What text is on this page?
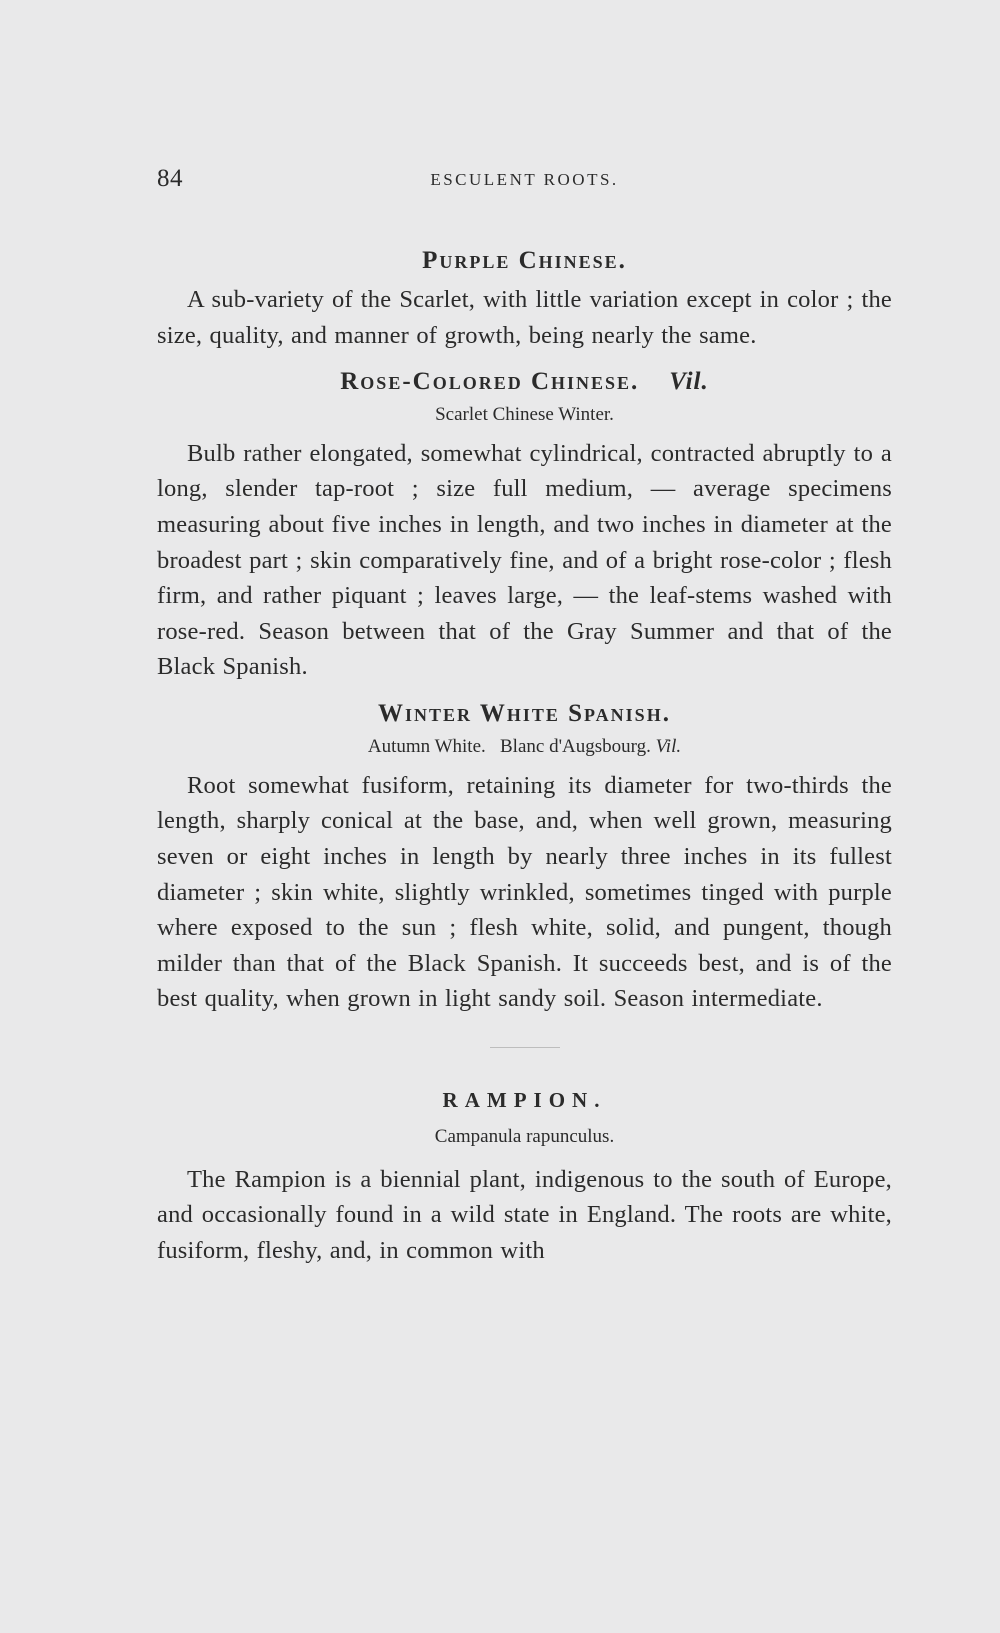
84	ESCULENT ROOTS.
Purple Chinese.

A sub-variety of the Scarlet, with little variation except in color ; the size, quality, and manner of growth, being nearly the same.

Rose-Colored Chinese. Vil.
Scarlet Chinese Winter.

Bulb rather elongated, somewhat cylindrical, contracted abruptly to a long, slender tap-root ; size full medium, — average specimens measuring about five inches in length, and two inches in diameter at the broadest part ; skin comparatively fine, and of a bright rose-color ; flesh firm, and rather piquant ; leaves large, — the leaf-stems washed with rose-red. Season between that of the Gray Summer and that of the Black Spanish.

Winter White Spanish.
Autumn White.   Blanc d'Augsbourg. Vil.

Root somewhat fusiform, retaining its diameter for two-thirds the length, sharply conical at the base, and, when well grown, measuring seven or eight inches in length by nearly three inches in its fullest diameter ; skin white, slightly wrinkled, sometimes tinged with purple where exposed to the sun ; flesh white, solid, and pungent, though milder than that of the Black Spanish. It succeeds best, and is of the best quality, when grown in light sandy soil. Season intermediate.

RAMPION.
Campanula rapunculus.

The Rampion is a biennial plant, indigenous to the south of Europe, and occasionally found in a wild state in England. The roots are white, fusiform, fleshy, and, in common with
